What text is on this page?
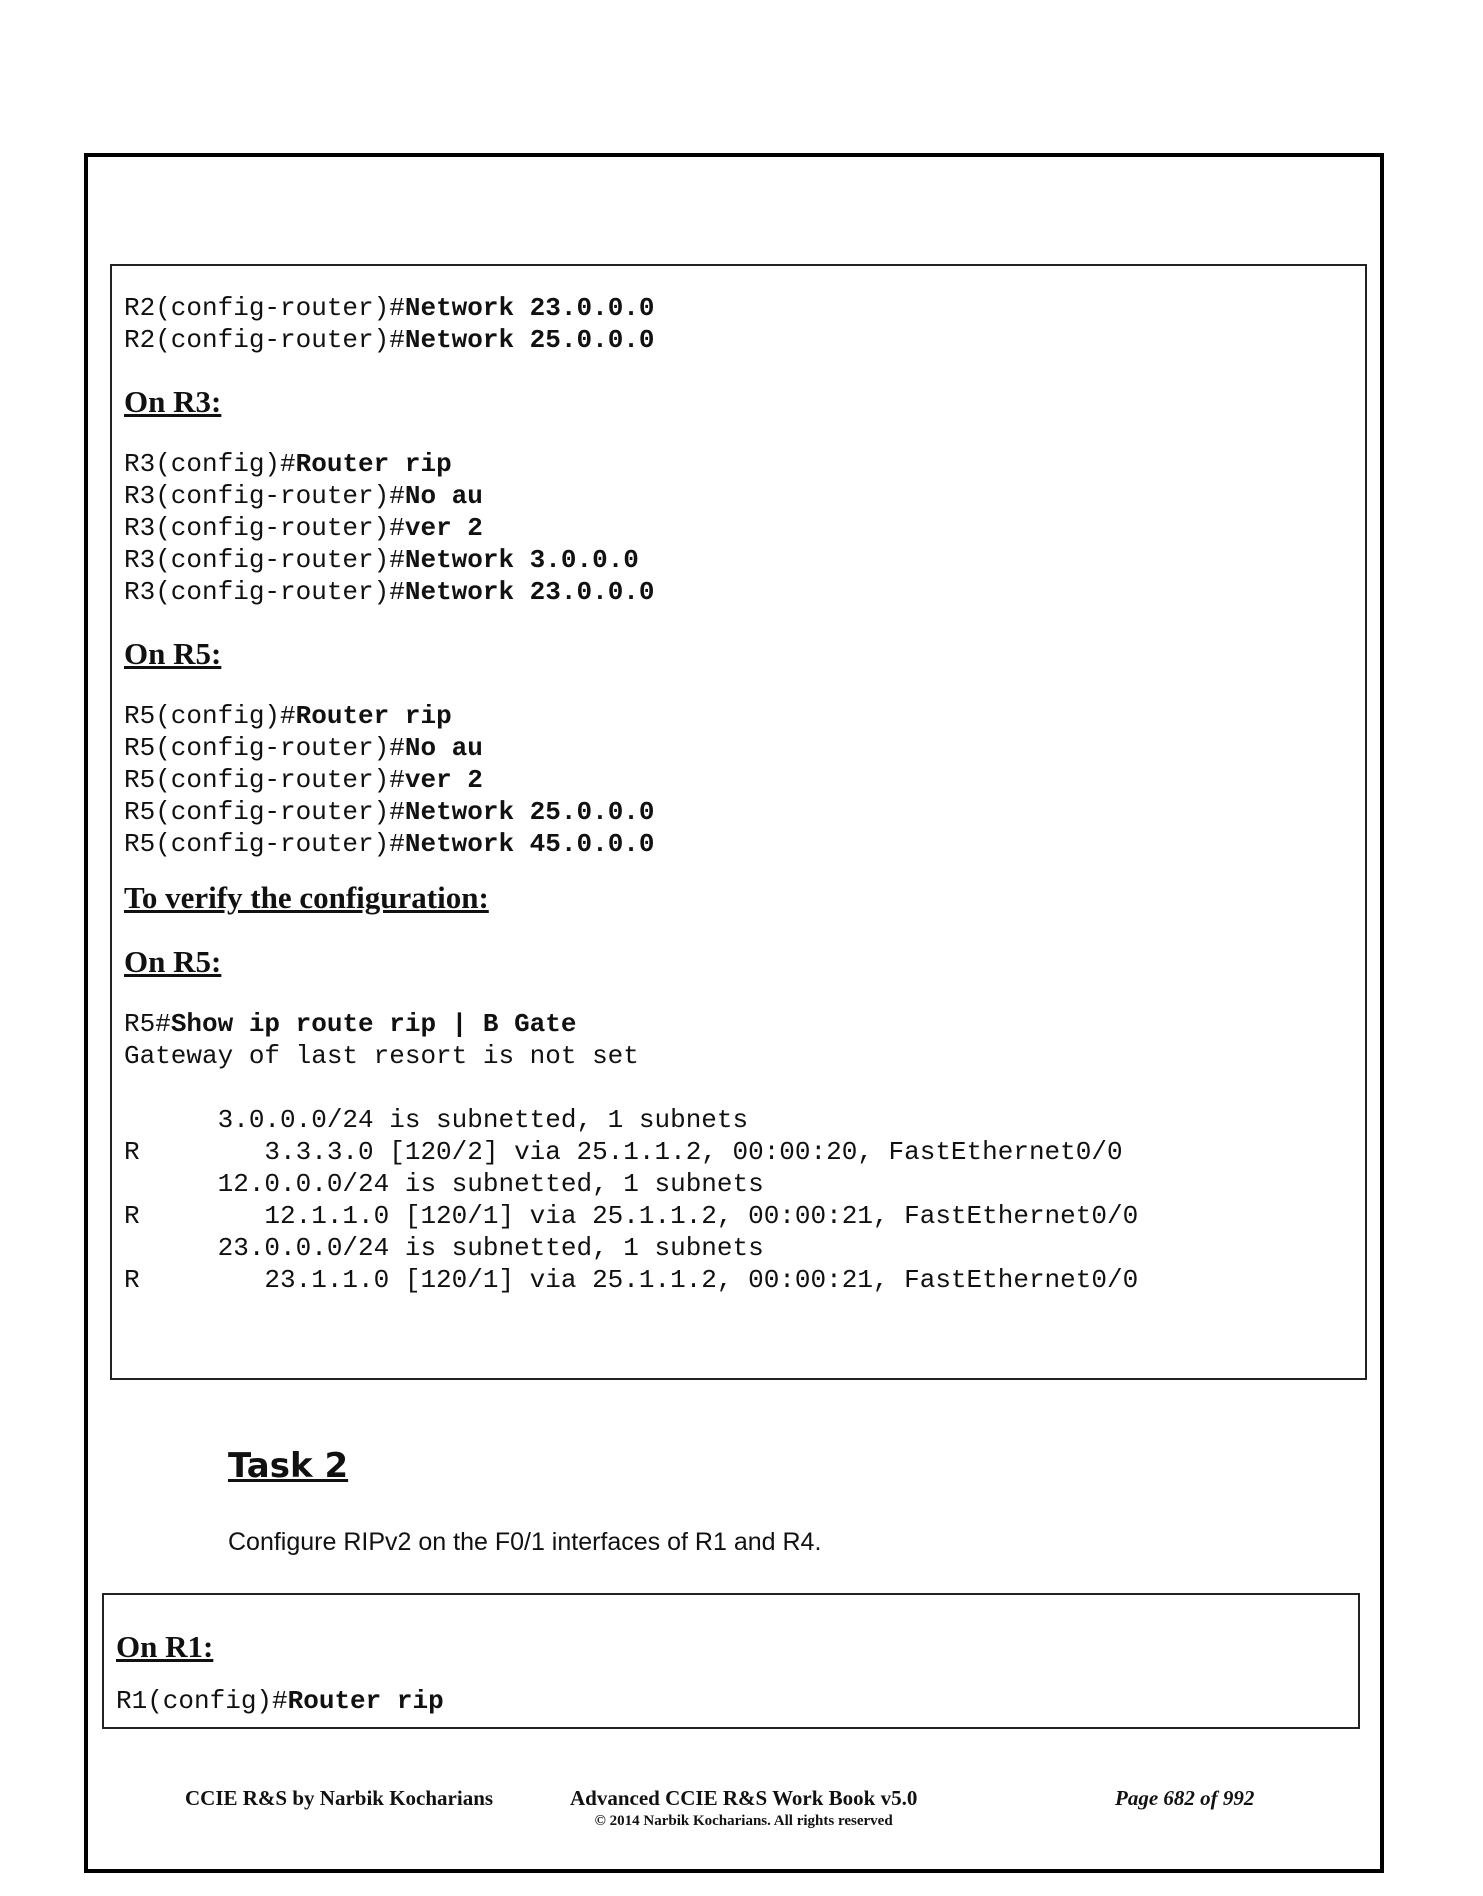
R2(config-router)#Network 23.0.0.0
R2(config-router)#Network 25.0.0.0

On R3:

R3(config)#Router rip
R3(config-router)#No au
R3(config-router)#ver 2
R3(config-router)#Network 3.0.0.0
R3(config-router)#Network 23.0.0.0

On R5:

R5(config)#Router rip
R5(config-router)#No au
R5(config-router)#ver 2
R5(config-router)#Network 25.0.0.0
R5(config-router)#Network 45.0.0.0

To verify the configuration:

On R5:

R5#Show ip route rip | B Gate
Gateway of last resort is not set

3.0.0.0/24 is subnetted, 1 subnets
R        3.3.3.0 [120/2] via 25.1.1.2, 00:00:20, FastEthernet0/0
12.0.0.0/24 is subnetted, 1 subnets
R        12.1.1.0 [120/1] via 25.1.1.2, 00:00:21, FastEthernet0/0
23.0.0.0/24 is subnetted, 1 subnets
R        23.1.1.0 [120/1] via 25.1.1.2, 00:00:21, FastEthernet0/0
Task 2
Configure RIPv2 on the F0/1 interfaces of R1 and R4.

On R1:

R1(config)#Router rip
CCIE R&S by Narbik Kocharians	Advanced CCIE R&S Work Book v5.0
© 2014 Narbik Kocharians. All rights reserved
Page 682 of 992
